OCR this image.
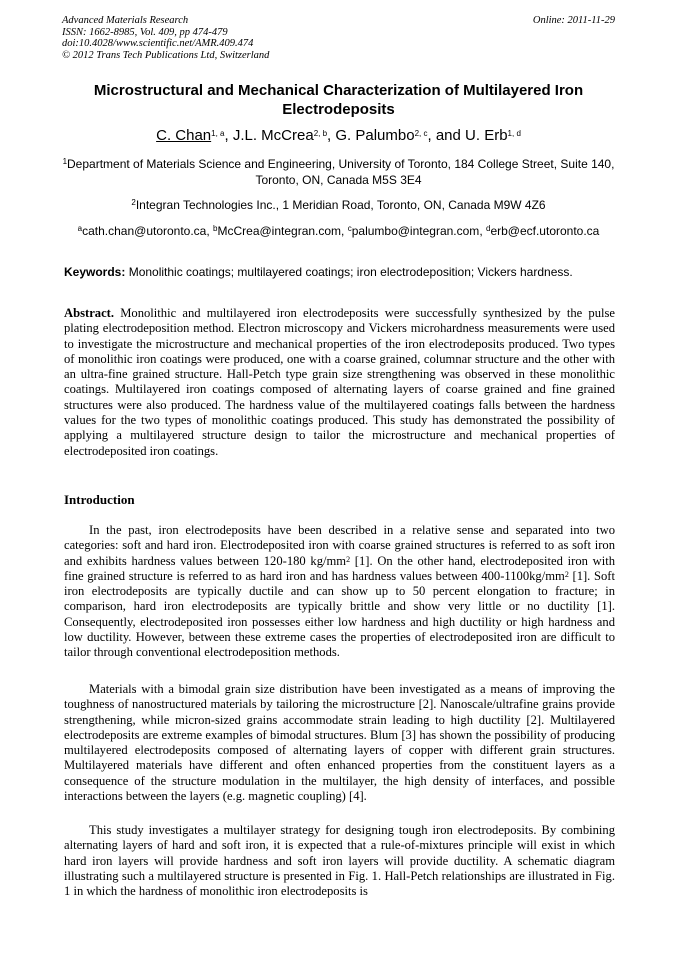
Advanced Materials Research
ISSN: 1662-8985, Vol. 409, pp 474-479
doi:10.4028/www.scientific.net/AMR.409.474
© 2012 Trans Tech Publications Ltd, Switzerland
Online: 2011-11-29
Microstructural and Mechanical Characterization of Multilayered Iron Electrodeposits
C. Chan$^{1, a}$, J.L. McCrea$^{2, b}$, G. Palumbo$^{2, c}$, and U. Erb$^{1, d}$
$^1$Department of Materials Science and Engineering, University of Toronto, 184 College Street, Suite 140, Toronto, ON, Canada M5S 3E4
$^2$Integran Technologies Inc., 1 Meridian Road, Toronto, ON, Canada M9W 4Z6
$^a$cath.chan@utoronto.ca, $^b$McCrea@integran.com, $^c$palumbo@integran.com, $^d$erb@ecf.utoronto.ca
Keywords: Monolithic coatings; multilayered coatings; iron electrodeposition; Vickers hardness.
Abstract. Monolithic and multilayered iron electrodeposits were successfully synthesized by the pulse plating electrodeposition method. Electron microscopy and Vickers microhardness measurements were used to investigate the microstructure and mechanical properties of the iron electrodeposits produced. Two types of monolithic iron coatings were produced, one with a coarse grained, columnar structure and the other with an ultra-fine grained structure. Hall-Petch type grain size strengthening was observed in these monolithic coatings. Multilayered iron coatings composed of alternating layers of coarse grained and fine grained structures were also produced. The hardness value of the multilayered coatings falls between the hardness values for the two types of monolithic coatings produced. This study has demonstrated the possibility of applying a multilayered structure design to tailor the microstructure and mechanical properties of electrodeposited iron coatings.
Introduction
In the past, iron electrodeposits have been described in a relative sense and separated into two categories: soft and hard iron. Electrodeposited iron with coarse grained structures is referred to as soft iron and exhibits hardness values between 120-180 $kg/mm^2$ [1]. On the other hand, electrodeposited iron with fine grained structure is referred to as hard iron and has hardness values between $400-1100kg/mm^2$ [1]. Soft iron electrodeposits are typically ductile and can show up to 50 percent elongation to fracture; in comparison, hard iron electrodeposits are typically brittle and show very little or no ductility [1]. Consequently, electrodeposited iron possesses either low hardness and high ductility or high hardness and low ductility. However, between these extreme cases the properties of electrodeposited iron are difficult to tailor through conventional electrodeposition methods.
Materials with a bimodal grain size distribution have been investigated as a means of improving the toughness of nanostructured materials by tailoring the microstructure [2]. Nanoscale/ultrafine grains provide strengthening, while micron-sized grains accommodate strain leading to high ductility [2]. Multilayered electrodeposits are extreme examples of bimodal structures. Blum [3] has shown the possibility of producing multilayered electrodeposits composed of alternating layers of copper with different grain structures. Multilayered materials have different and often enhanced properties from the constituent layers as a consequence of the structure modulation in the multilayer, the high density of interfaces, and possible interactions between the layers (e.g. magnetic coupling) [4].
This study investigates a multilayer strategy for designing tough iron electrodeposits. By combining alternating layers of hard and soft iron, it is expected that a rule-of-mixtures principle will exist in which hard iron layers will provide hardness and soft iron layers will provide ductility. A schematic diagram illustrating such a multilayered structure is presented in Fig. 1. Hall-Petch relationships are illustrated in Fig. 1 in which the hardness of monolithic iron electrodeposits is
